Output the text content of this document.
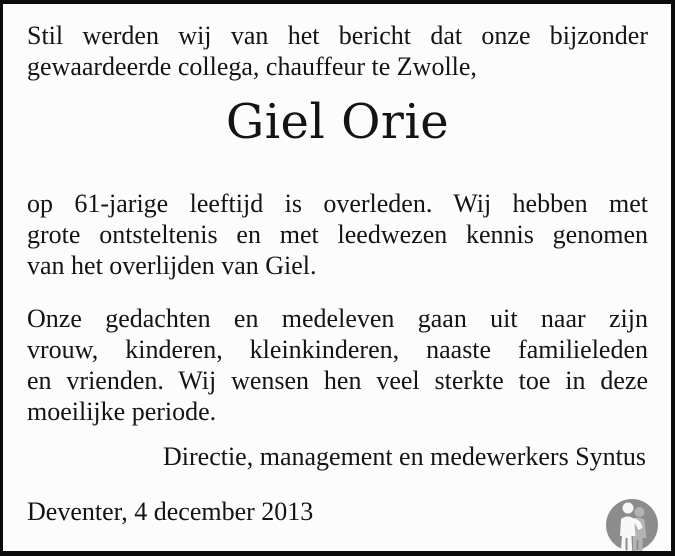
Stil werden wij van het bericht dat onze bijzonder
gewaardeerde collega, chauffeur te Zwolle,

Giel Orie

op 61-jarige leeftijd is overleden. Wij hebben met
grote ontsteltenis en met leedwezen kennis genomen
van het overlijden van Giel.

Onze gedachten en medeleven gaan uit naar zijn
vrouw, kinderen, kleinkinderen, naaste familieleden
en vrienden. Wij wensen hen veel sterkte toe in deze
moeilijke periode.

Directie, management en medewerkers Syntus

Deventer, 4 december 2013
